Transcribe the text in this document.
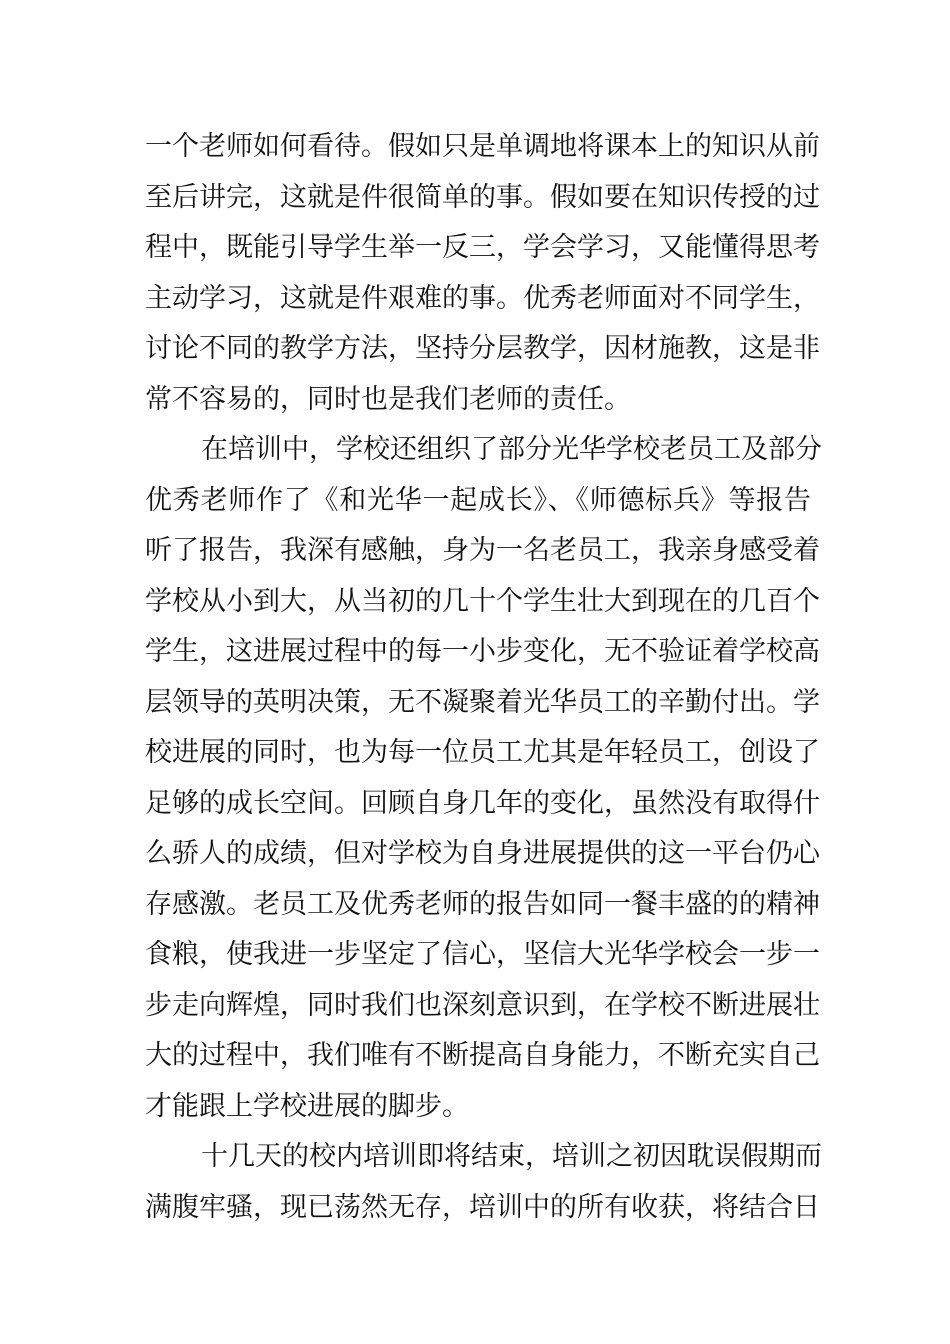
一个老师如何看待。假如只是单调地将课本上的知识从前
至后讲完，这就是件很简单的事。假如要在知识传授的过
程中，既能引导学生举一反三，学会学习，又能懂得思考
主动学习，这就是件艰难的事。优秀老师面对不同学生，
讨论不同的教学方法，坚持分层教学，因材施教，这是非
常不容易的，同时也是我们老师的责任。
在培训中，学校还组织了部分光华学校老员工及部分
优秀老师作了《和光华一起成长》、《师德标兵》等报告
听了报告，我深有感触，身为一名老员工，我亲身感受着
学校从小到大，从当初的几十个学生壮大到现在的几百个
学生，这进展过程中的每一小步变化，无不验证着学校高
层领导的英明决策，无不凝聚着光华员工的辛勤付出。学
校进展的同时，也为每一位员工尤其是年轻员工，创设了
足够的成长空间。回顾自身几年的变化，虽然没有取得什
么骄人的成绩，但对学校为自身进展提供的这一平台仍心
存感激。老员工及优秀老师的报告如同一餐丰盛的的精神
食粮，使我进一步坚定了信心，坚信大光华学校会一步一
步走向辉煌，同时我们也深刻意识到，在学校不断进展壮
大的过程中，我们唯有不断提高自身能力，不断充实自己
才能跟上学校进展的脚步。
十几天的校内培训即将结束，培训之初因耽误假期而
满腹牢骚，现已荡然无存，培训中的所有收获，将结合日
